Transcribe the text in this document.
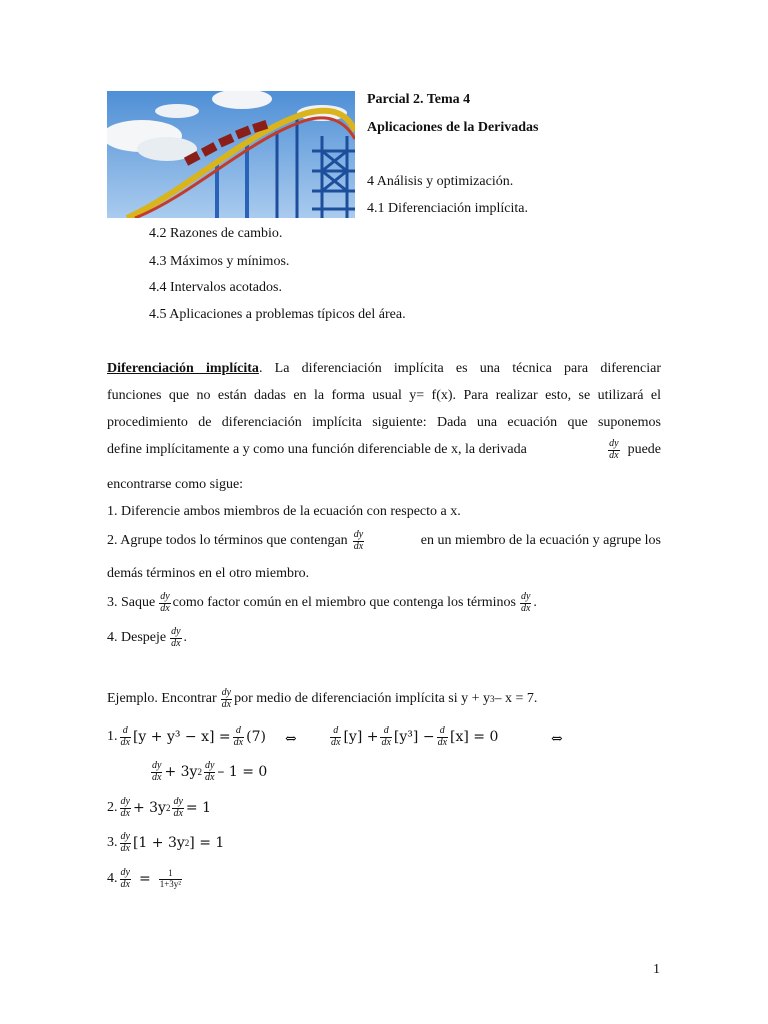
Parcial 2. Tema 4
Aplicaciones de la Derivadas
4 Análisis y optimización.
4.1 Diferenciación implícita.
4.2 Razones de cambio.
4.3 Máximos y mínimos.
4.4 Intervalos acotados.
4.5 Aplicaciones a problemas típicos del área.
Diferenciación implícita. La diferenciación implícita es una técnica para diferenciar
funciones que no están dadas en la forma usual y= f(x). Para realizar esto, se utilizará el
procedimiento de diferenciación implícita siguiente: Dada una ecuación que suponemos
define implícitamente a y como una función diferenciable de x, la derivada	$\frac{dy}{dx}$ puede
encontrarse como sigue:
1. Diferencie ambos miembros de la ecuación con respecto a x.
2. Agrupe todos lo términos que contengan $\frac{dy}{dx}$	en un miembro de la ecuación y agrupe los
demás términos en el otro miembro.
3. Saque $\frac{dy}{dx}$ como factor común en el miembro que contenga los términos $\frac{dy}{dx}$ .
4. Despeje $\frac{dy}{dx}$ .
Ejemplo. Encontrar $\frac{dy}{dx}$ por medio de diferenciación implícita si y + y 3 – x = 7.
1. $\frac{d}{dx} [y + y^3 - x] = \frac{d}{dx} (7)$ ⇔	$\frac{d}{dx} [y] + \frac{d}{dx} [y^3] - \frac{d}{dx} [x] = 0$	⇔
$\frac{dy}{dx} + 3y$ $2 \frac{dy}{dx} - 1 = 0$
2. $\frac{dy}{dx} + 3y$ $2 \frac{dy}{dx} = 1$
3. $\frac{dy}{dx} [1 + 3y$ 2 ] = 1
4. $\frac{dy}{dx} = \frac{1}{\text{1+3y²}}$
1
